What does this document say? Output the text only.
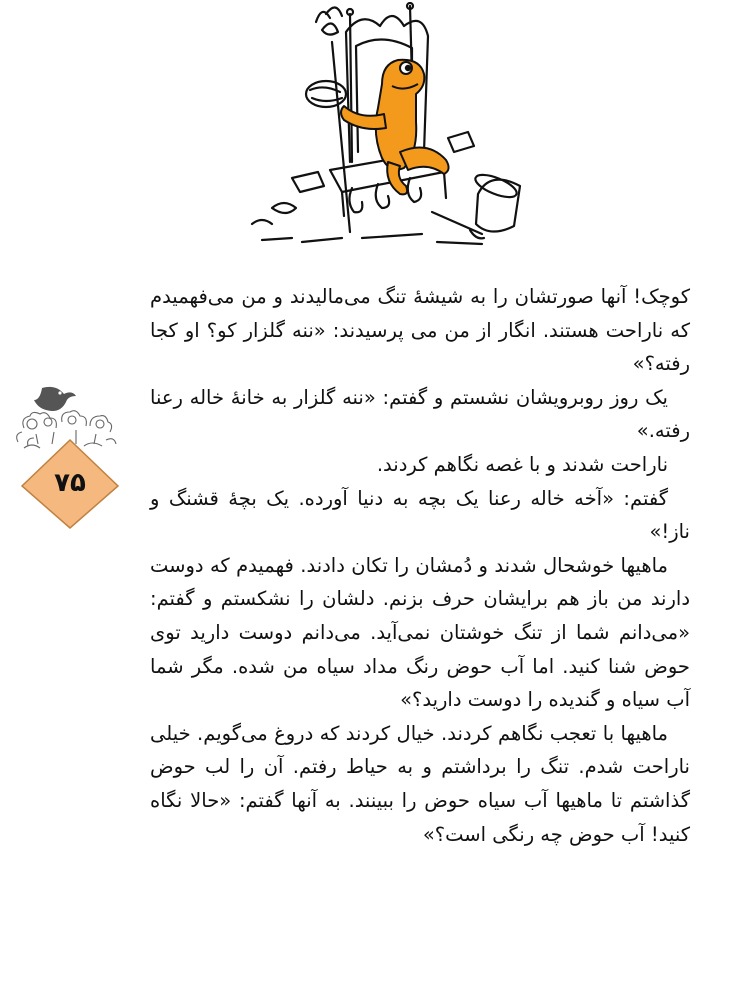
۷۵

کوچک! آنها صورتشان را به شیشهٔ تنگ می‌مالیدند و من می‌فهمیدم که ناراحت هستند. انگار از من می پرسیدند: «ننه گلزار کو؟ او کجا رفته؟»

یک روز روبرویشان نشستم و گفتم: «ننه گلزار به خانهٔ خاله رعنا رفته.»

ناراحت شدند و با غصه نگاهم کردند.

گفتم: «آخه خاله رعنا یک بچه به دنیا آورده. یک بچهٔ قشنگ و ناز!»

ماهیها خوشحال شدند و دُمشان را تکان دادند. فهمیدم که دوست دارند من باز هم برایشان حرف بزنم. دلشان را نشکستم و گفتم: «می‌دانم شما از تنگ خوشتان نمی‌آید. می‌دانم دوست دارید توی حوض شنا کنید. اما آب حوض رنگ مداد سیاه من شده. مگر شما آب سیاه و گندیده را دوست دارید؟»

ماهیها با تعجب نگاهم کردند. خیال کردند که دروغ می‌گویم. خیلی ناراحت شدم. تنگ را برداشتم و به حیاط رفتم. آن را لب حوض گذاشتم تا ماهیها آب سیاه حوض را ببینند. به آنها گفتم: «حالا نگاه کنید! آب حوض چه رنگی است؟»
